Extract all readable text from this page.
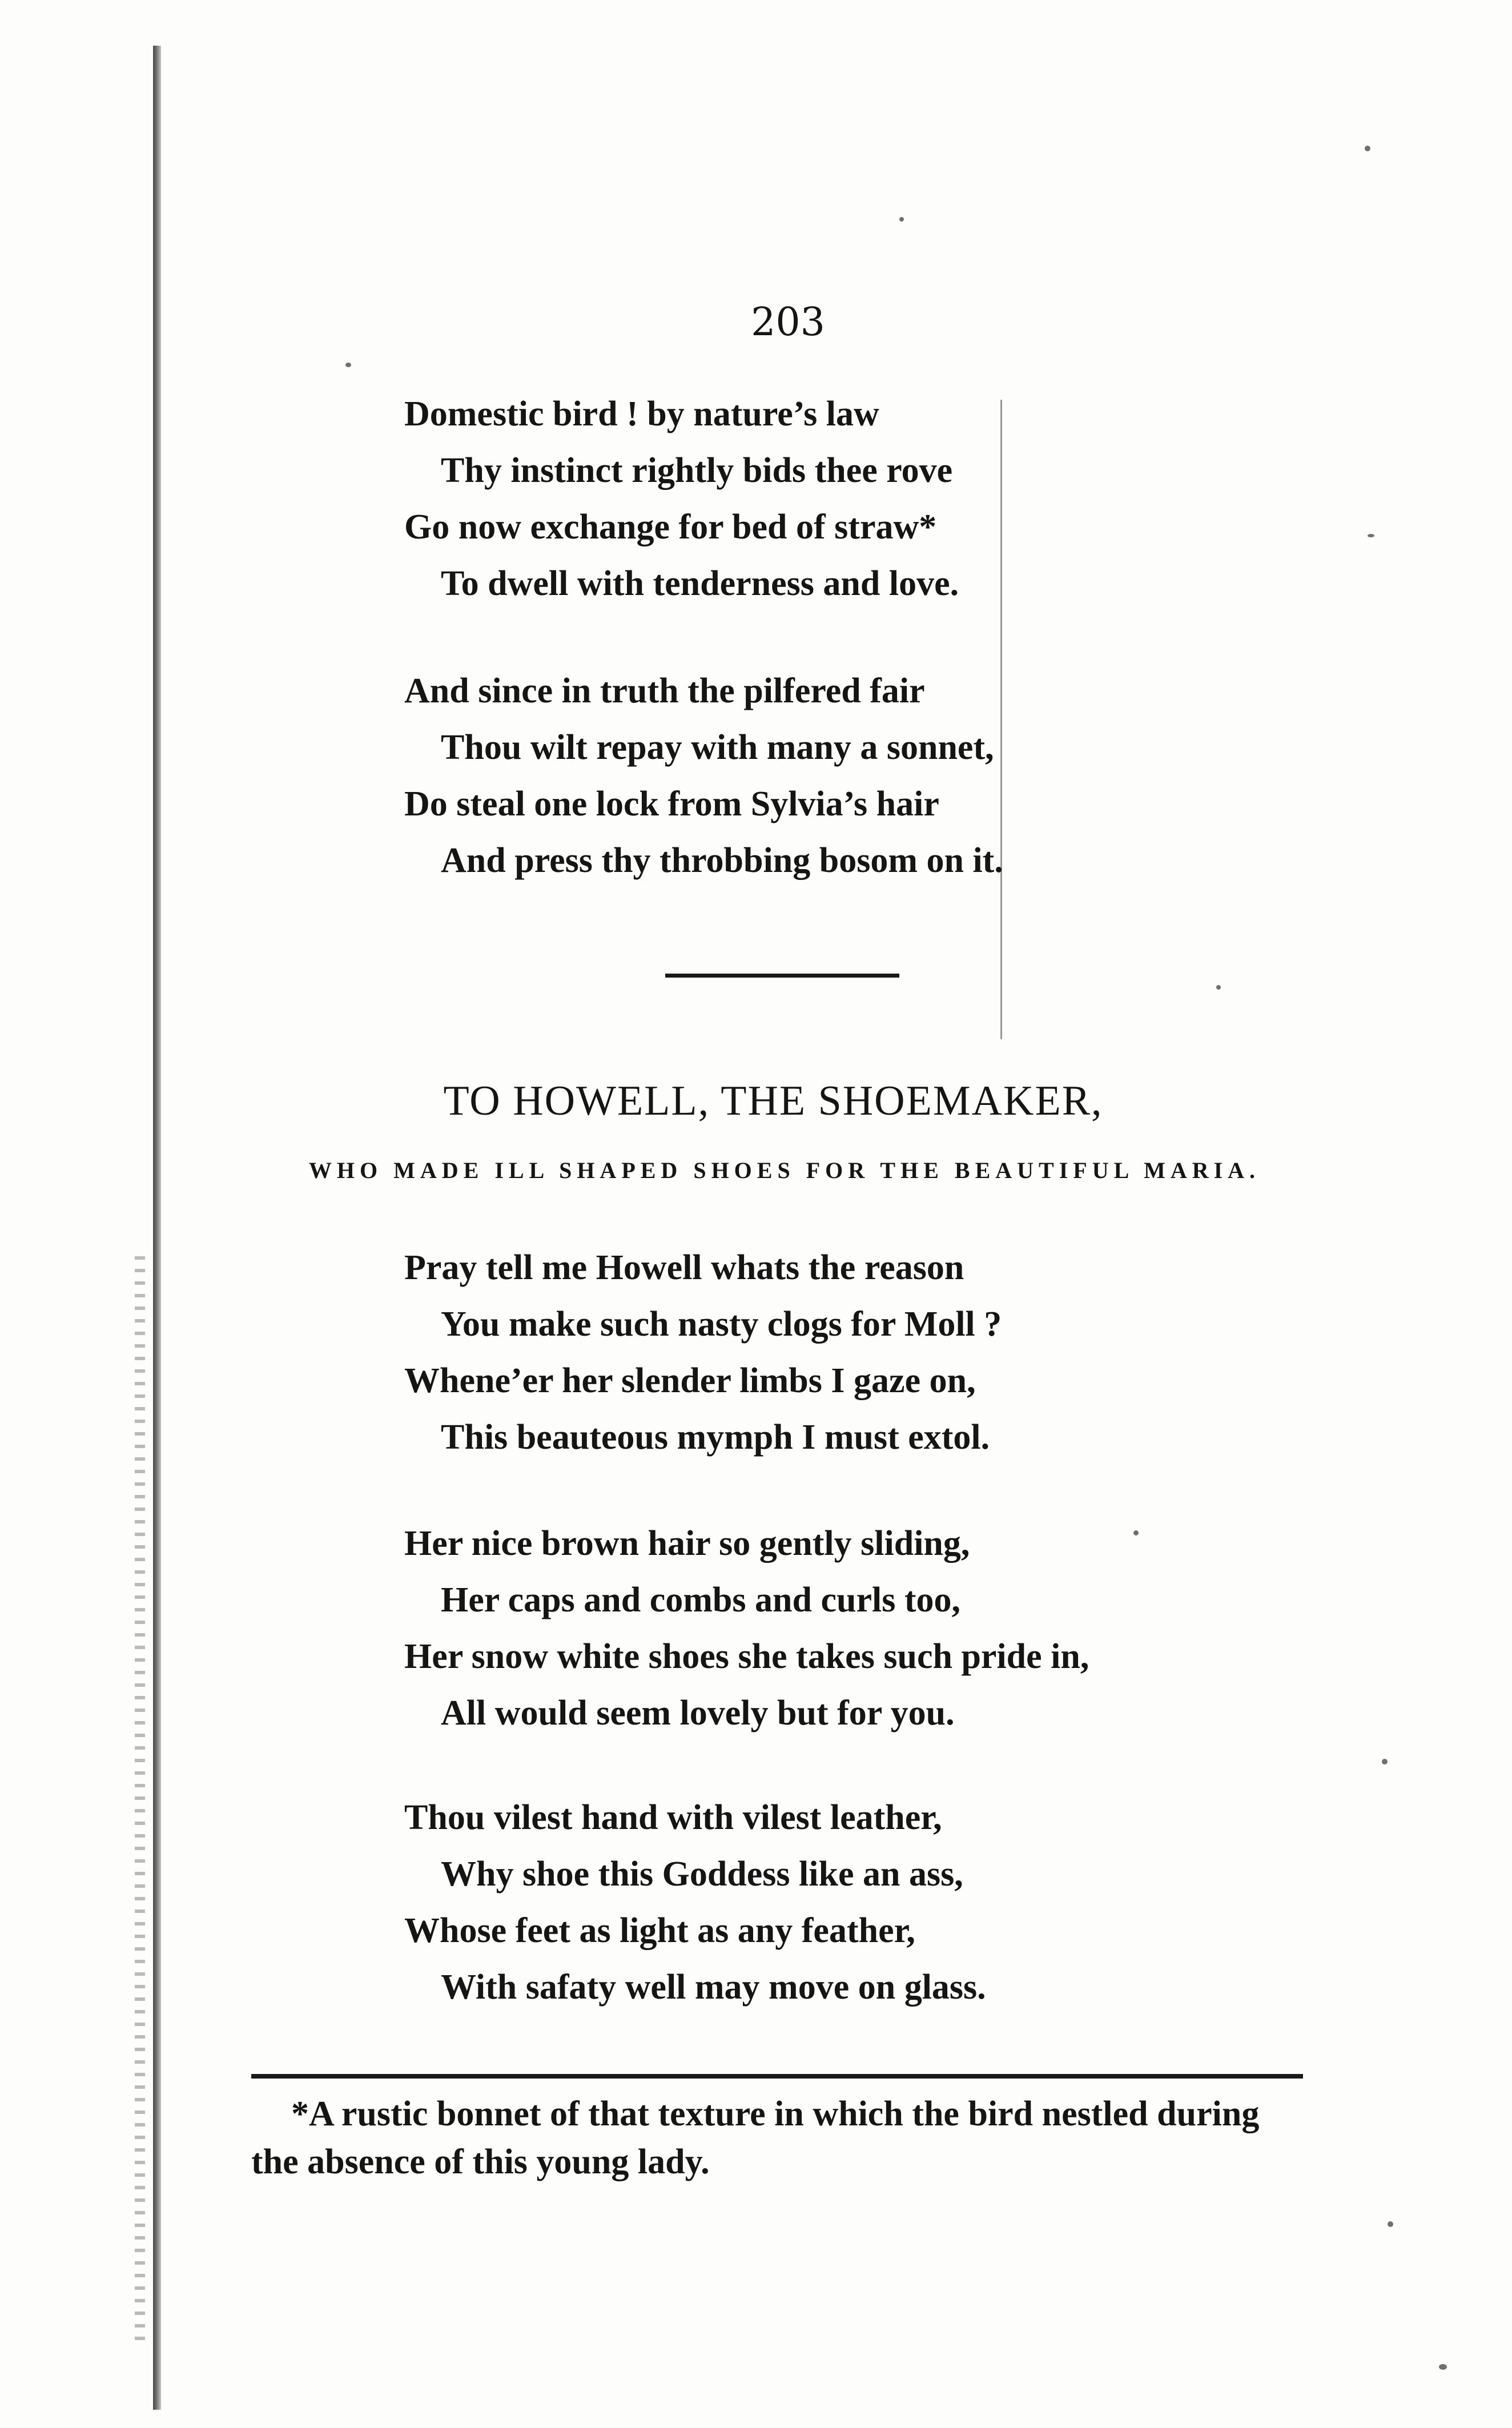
203
Domestic bird ! by nature’s law
Thy instinct rightly bids thee rove
Go now exchange for bed of straw*
To dwell with tenderness and love.
And since in truth the pilfered fair
Thou wilt repay with many a sonnet,
Do steal one lock from Sylvia’s hair
And press thy throbbing bosom on it.
TO HOWELL, THE SHOEMAKER,
WHO MADE ILL SHAPED SHOES FOR THE BEAUTIFUL MARIA.
Pray tell me Howell whats the reason
You make such nasty clogs for Moll ?
Whene’er her slender limbs I gaze on,
This beauteous mymph I must extol.
Her nice brown hair so gently sliding,
Her caps and combs and curls too,
Her snow white shoes she takes such pride in,
All would seem lovely but for you.
Thou vilest hand with vilest leather,
Why shoe this Goddess like an ass,
Whose feet as light as any feather,
With safaty well may move on glass.
*A rustic bonnet of that texture in which the bird nestled during
the absence of this young lady.
